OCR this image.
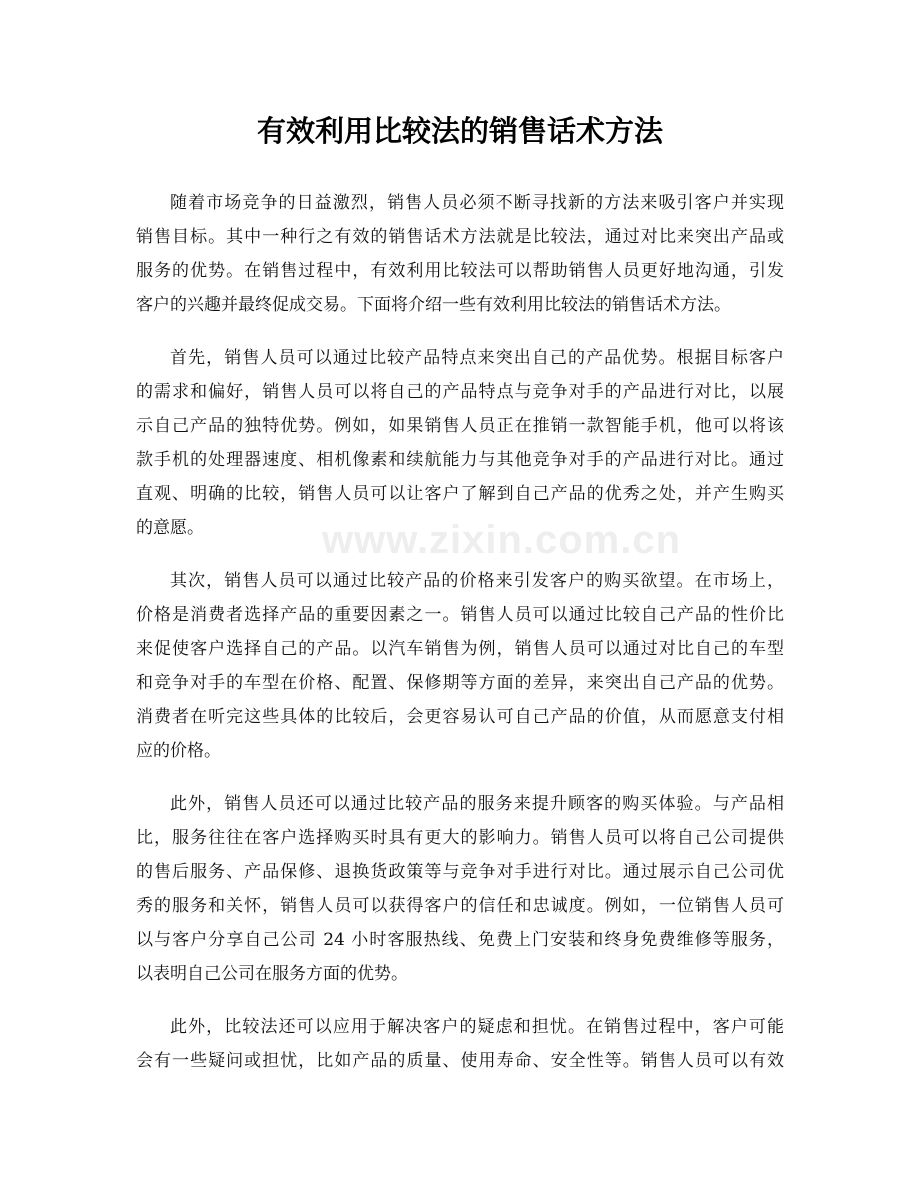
有效利用比较法的销售话术方法
随着市场竞争的日益激烈，销售人员必须不断寻找新的方法来吸引客户并实现
销售目标。其中一种行之有效的销售话术方法就是比较法，通过对比来突出产品或
服务的优势。在销售过程中，有效利用比较法可以帮助销售人员更好地沟通，引发
客户的兴趣并最终促成交易。下面将介绍一些有效利用比较法的销售话术方法。
首先，销售人员可以通过比较产品特点来突出自己的产品优势。根据目标客户
的需求和偏好，销售人员可以将自己的产品特点与竞争对手的产品进行对比，以展
示自己产品的独特优势。例如，如果销售人员正在推销一款智能手机，他可以将该
款手机的处理器速度、相机像素和续航能力与其他竞争对手的产品进行对比。通过
直观、明确的比较，销售人员可以让客户了解到自己产品的优秀之处，并产生购买
的意愿。
其次，销售人员可以通过比较产品的价格来引发客户的购买欲望。在市场上，
价格是消费者选择产品的重要因素之一。销售人员可以通过比较自己产品的性价比
来促使客户选择自己的产品。以汽车销售为例，销售人员可以通过对比自己的车型
和竞争对手的车型在价格、配置、保修期等方面的差异，来突出自己产品的优势。
消费者在听完这些具体的比较后，会更容易认可自己产品的价值，从而愿意支付相
应的价格。
此外，销售人员还可以通过比较产品的服务来提升顾客的购买体验。与产品相
比，服务往往在客户选择购买时具有更大的影响力。销售人员可以将自己公司提供
的售后服务、产品保修、退换货政策等与竞争对手进行对比。通过展示自己公司优
秀的服务和关怀，销售人员可以获得客户的信任和忠诚度。例如，一位销售人员可
以与客户分享自己公司 24 小时客服热线、免费上门安装和终身免费维修等服务，
以表明自己公司在服务方面的优势。
此外，比较法还可以应用于解决客户的疑虑和担忧。在销售过程中，客户可能
会有一些疑问或担忧，比如产品的质量、使用寿命、安全性等。销售人员可以有效
www.zixin.com.cn
